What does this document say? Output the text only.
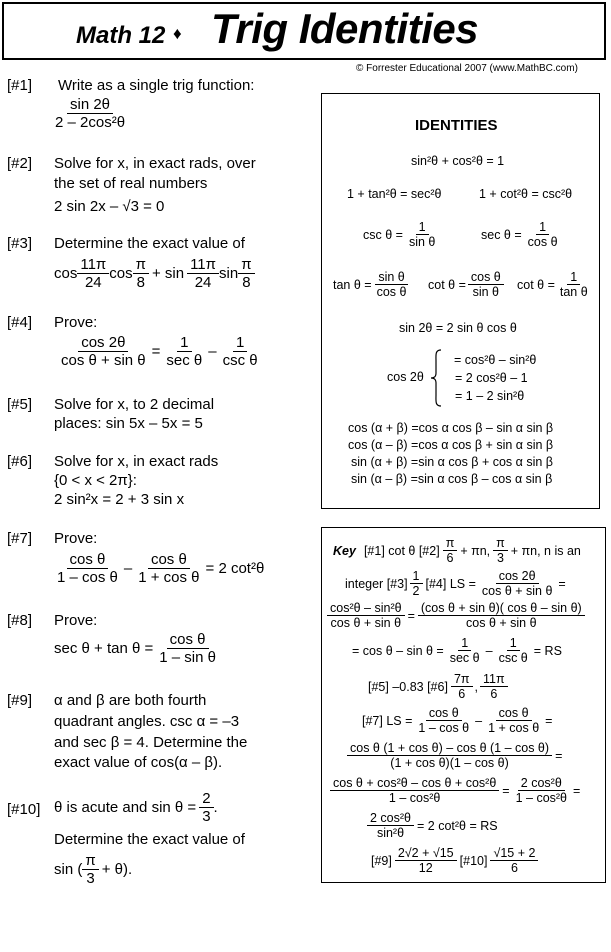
Math 12 ♦ Trig Identities
© Forrester Educational 2007 (www.MathBC.com)
[#1] Write as a single trig function:
$\frac{\sin 2\theta}{\text{2 – 2cos²θ}}$
[#2] Solve for x, in exact rads, over
the set of real numbers
2 sin 2x – √3 = 0
[#3] Determine the exact value of
$\cos \frac{11\pi}{24}$ $\cos \frac{\pi}{8} + \sin \frac{11\pi}{24}$ $\sin \frac{\pi}{8}$
[#4] Prove:
$\frac{\cos 2\theta}{\text{cos θ + sin θ}} = \frac{1}{\text{sec θ}} - \frac{1}{\text{csc θ}}$
[#5] Solve for x, to 2 decimal
places: sin 5x – 5x = 5
[#6] Solve for x, in exact rads
{0 < x < 2π}:
2 sin²x = 2 + 3 sin x
[#7] Prove:
$\frac{\text{cos θ}}{\text{1 – cos θ}} - \frac{\text{cos θ}}{\text{1 + cos θ}} = 2$ cot²θ
[#8] Prove:
$\sec \theta + \tan \theta = \frac{\text{cos θ}}{\text{1 – sin θ}}$
[#9] α and β are both fourth
quadrant angles. csc α = –3
and sec β = 4. Determine the
exact value of cos(α – β).
[#10] θ is acute and $\sin \theta = \frac{2}{3}$ .
Determine the exact value of
sin ( $\frac{\pi}{3} + \theta$).
IDENTITIES
sin²θ + cos²θ = 1
1 + tan²θ = sec²θ	1 + cot²θ = csc²θ
$\csc \theta = \frac{1}{\text{sin θ}}$	$\sec \theta = \frac{1}{\text{cos θ}}$
$\tan \theta = \frac{\text{sin θ}}{\text{cos θ}}$ $\cot \theta = \frac{\text{cos θ}}{\text{sin θ}}$ $\cot \theta = \frac{1}{\text{tan θ}}$
sin 2θ = 2 sin θ cos θ
cos 2θ
= cos²θ – sin²θ
= 2 cos²θ – 1
= 1 – 2 sin²θ
cos (α + β) =cos α cos β – sin α sin β
cos (α – β) =cos α cos β + sin α sin β
sin (α + β) =sin α cos β + cos α sin β
sin (α – β) =sin α cos β – cos α sin β
Key [#1] cot θ [#2] $\frac{\pi}{6} + \pi n$, $\frac{\pi}{3} + \pi n$, n is an
integer [#3] $\frac{1}{2}$ [#4] LS = $\frac{\cos 2\theta}{\text{cos θ + sin θ}}$ =
$\frac{\text{cos²θ – sin²θ}}{\text{cos θ + sin θ}} = \frac{\text{(cos θ + sin θ)( cos θ – sin θ)}}{\text{cos θ + sin θ}}$
= $\cos \theta - \sin \theta = \frac{1}{\text{sec θ}} - \frac{1}{\text{csc θ}}$ = RS
[#5] –0.83 [#6] $\frac{7\pi}{6}$ , $\frac{11\pi}{6}$
[#7] LS = $\frac{\text{cos θ}}{\text{1 – cos θ}} - \frac{\text{cos θ}}{\text{1 + cos θ}}$ =
$\frac{\text{cos θ (1 + cos θ) – cos θ (1 – cos θ)}}{\text{(1 + cos θ)(1 – cos θ)}}$ =
$\frac{\text{cos θ + cos²θ – cos θ + cos²θ}}{\text{1 – cos²θ}} = \frac{\text{2 cos²θ}}{\text{1 – cos²θ}}$ =
$\frac{\text{2 cos²θ}}{\text{sin²θ}} = 2$ cot²θ = RS
[#9] $\frac{2√2 + √15}{12}$ [#10] $\frac{√15 + 2}{6}$
